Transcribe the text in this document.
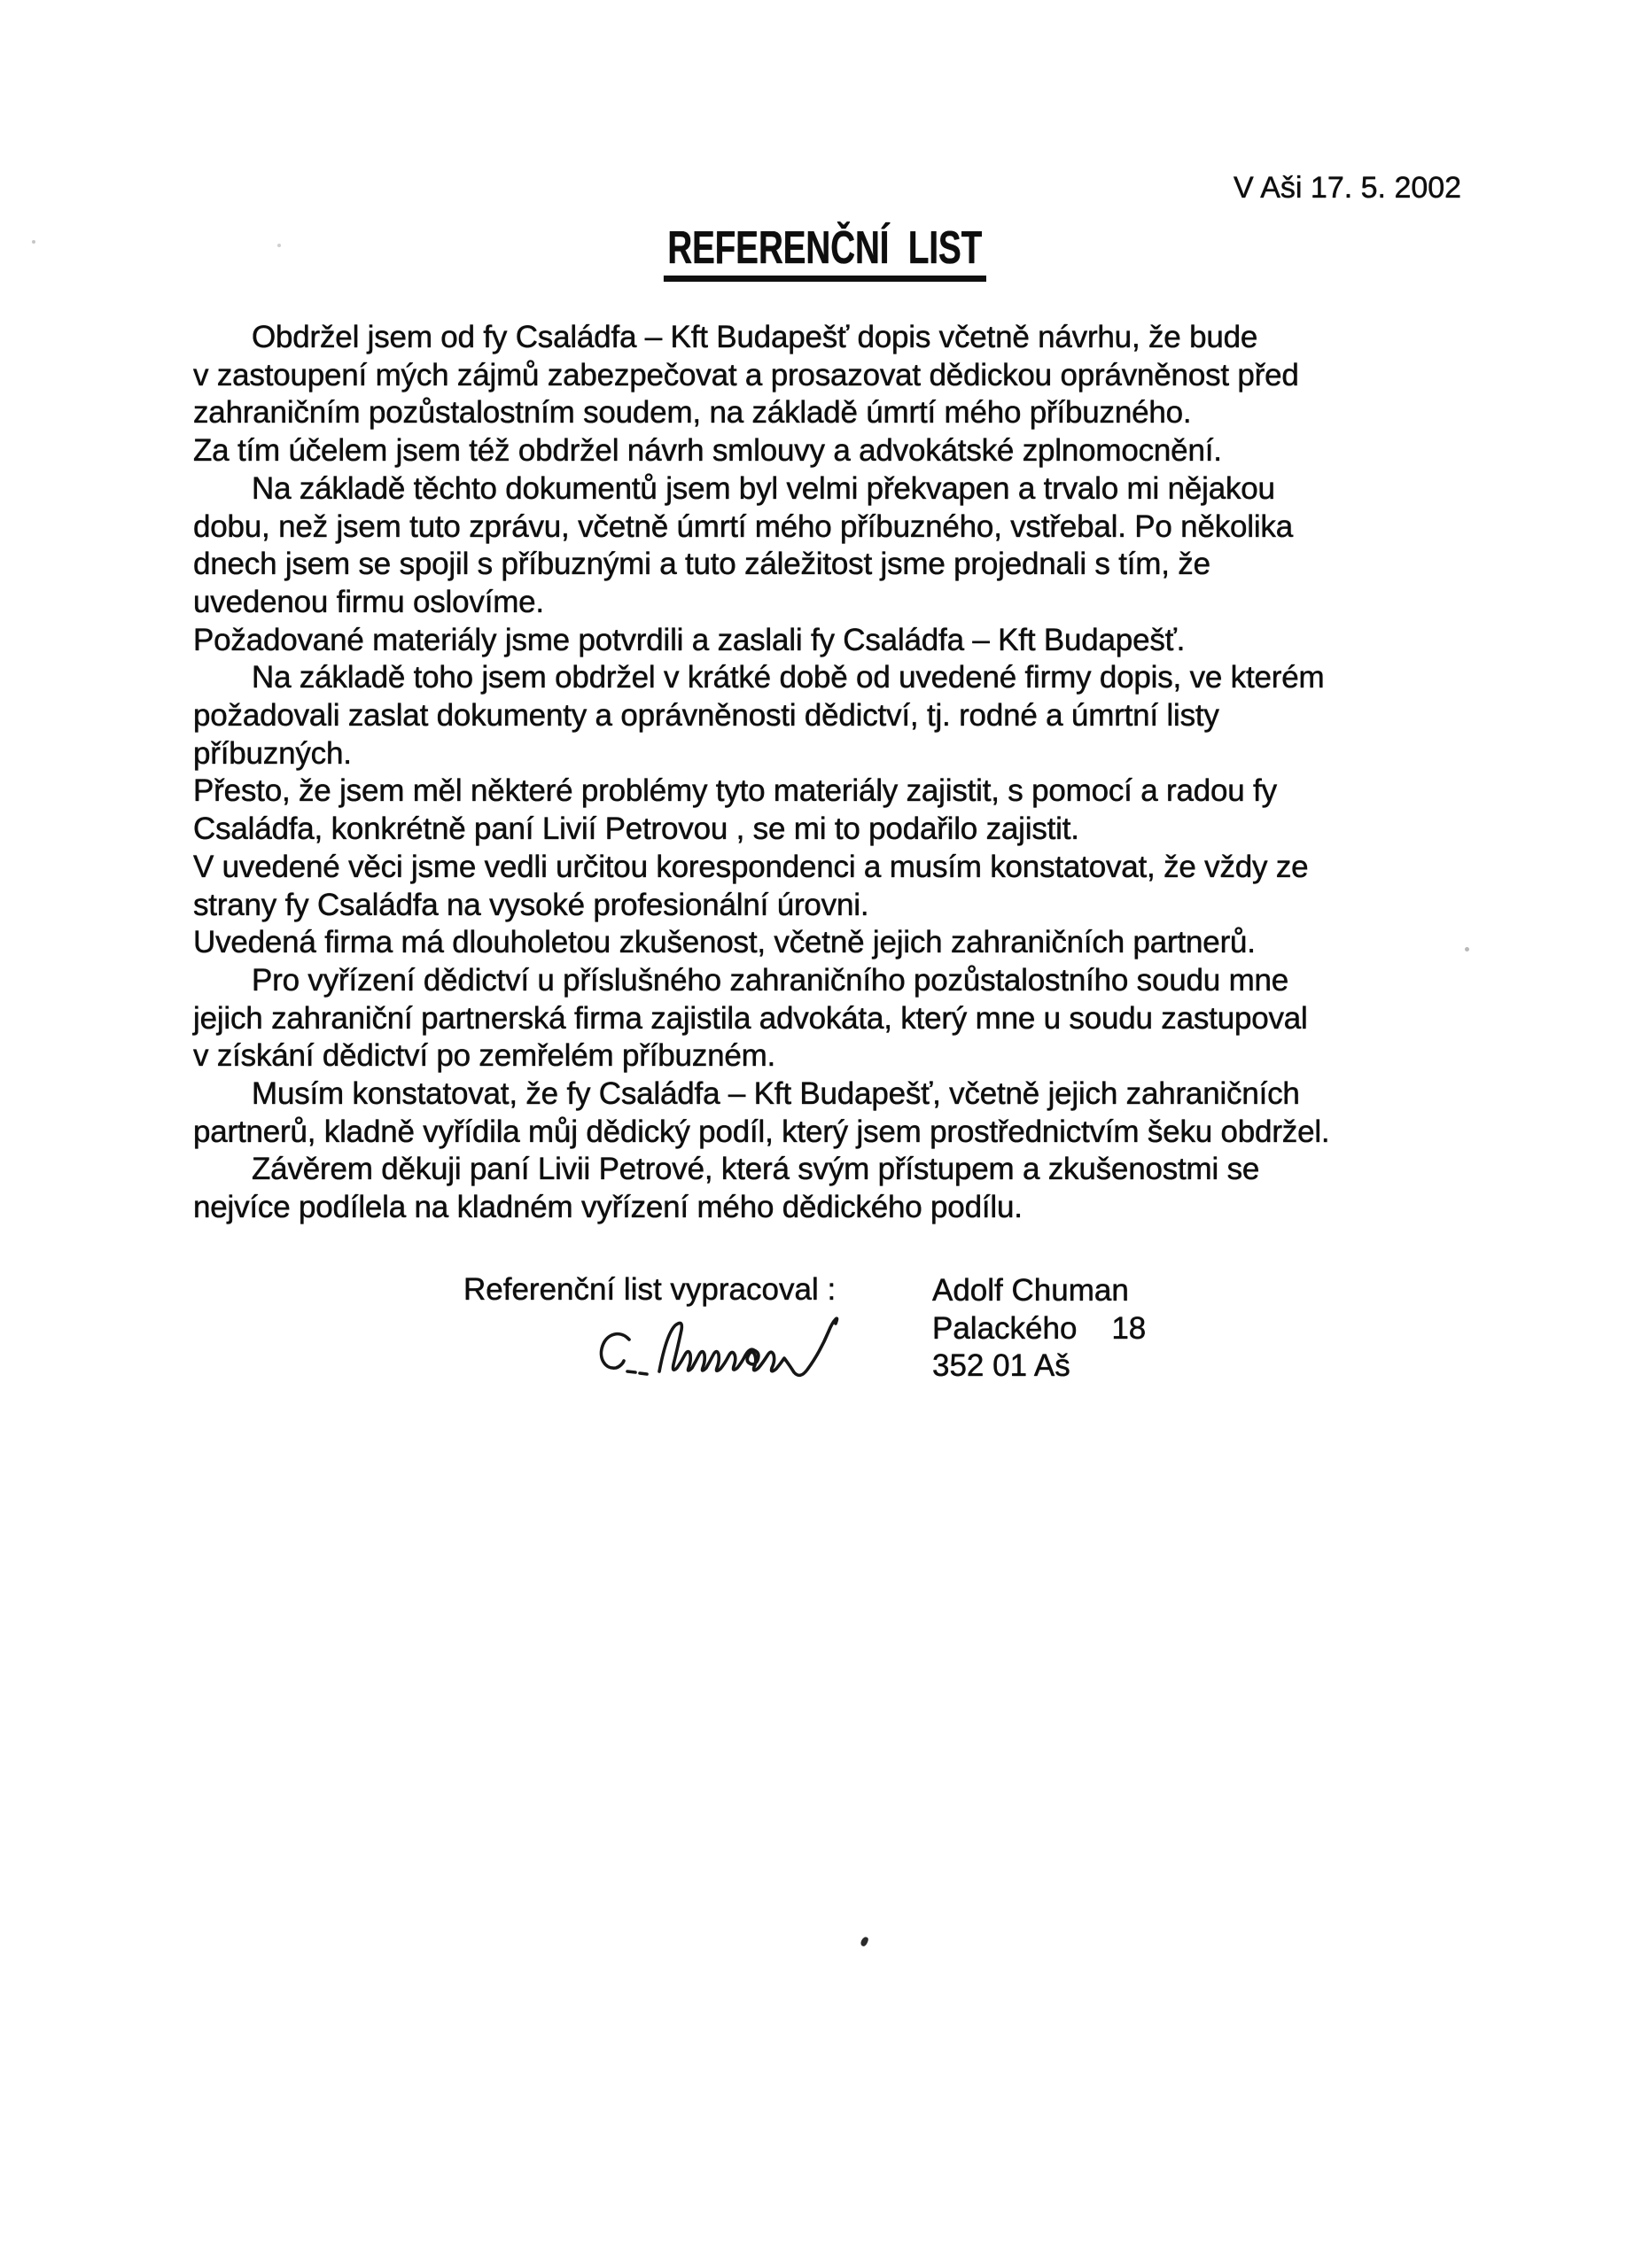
V Aši 17. 5. 2002
REFERENČNÍ  LIST
Obdržel jsem od fy Családfa – Kft Budapešť dopis včetně návrhu, že bude
v zastoupení mých zájmů zabezpečovat a prosazovat dědickou oprávněnost před
zahraničním pozůstalostním soudem, na základě úmrtí mého příbuzného.
Za tím účelem jsem též obdržel návrh smlouvy a advokátské zplnomocnění.
Na základě těchto dokumentů jsem byl velmi překvapen a trvalo mi nějakou
dobu, než jsem tuto zprávu, včetně úmrtí mého příbuzného, vstřebal. Po několika
dnech jsem se spojil s příbuznými a tuto záležitost jsme projednali s tím, že
uvedenou firmu oslovíme.
Požadované materiály jsme potvrdili a zaslali fy Családfa – Kft Budapešť.
Na základě toho jsem obdržel v krátké době od uvedené firmy dopis, ve kterém
požadovali zaslat dokumenty a oprávněnosti dědictví, tj. rodné a úmrtní listy
příbuzných.
Přesto, že jsem měl některé problémy tyto materiály zajistit, s pomocí a radou fy
Családfa, konkrétně paní Livií Petrovou , se mi to podařilo zajistit.
V uvedené věci jsme vedli určitou korespondenci a musím konstatovat, že vždy ze
strany fy Családfa na vysoké profesionální úrovni.
Uvedená firma má dlouholetou zkušenost, včetně jejich zahraničních partnerů.
Pro vyřízení dědictví u příslušného zahraničního pozůstalostního soudu mne
jejich zahraniční partnerská firma zajistila advokáta, který mne u soudu zastupoval
v získání dědictví po zemřelém příbuzném.
Musím konstatovat, že fy Családfa – Kft Budapešť, včetně jejich zahraničních
partnerů, kladně vyřídila můj dědický podíl, který jsem prostřednictvím šeku obdržel.
Závěrem děkuji paní Livii Petrové, která svým přístupem a zkušenostmi se
nejvíce podílela na kladném vyřízení mého dědického podílu.
Referenční list vypracoval :	Adolf Chuman
Palackého    18
352 01 Aš
